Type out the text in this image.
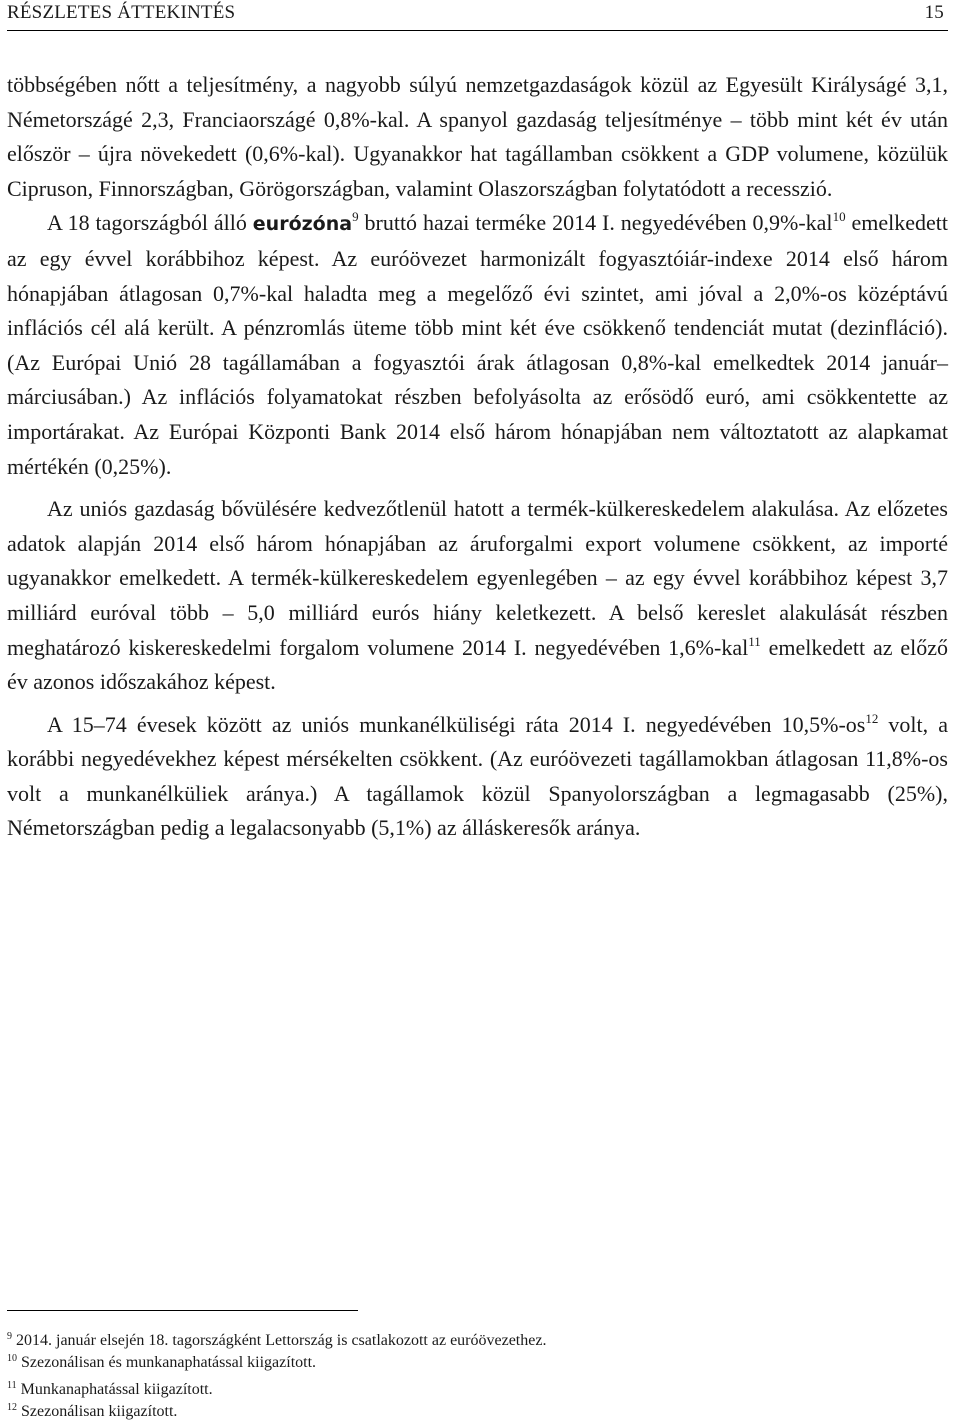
RÉSZLETES ÁTTEKINTÉS	15

többségében nőtt a teljesítmény, a nagyobb súlyú nemzetgazdaságok közül az Egyesült Királyságé 3,1, Németországé 2,3, Franciaországé 0,8%-kal. A spanyol gazdaság teljesítménye – több mint két év után először – újra növekedett (0,6%-kal). Ugyanakkor hat tagállamban csökkent a GDP volumene, közülük Cipruson, Finnországban, Görögországban, valamint Olaszországban folytatódott a recesszió.

A 18 tagországból álló eurózóna$^9$ bruttó hazai terméke 2014 I. negyedévében 0,9%-kal$^{10}$ emelkedett az egy évvel korábbihoz képest. Az euróövezet harmonizált fogyasztóiár-indexe 2014 első három hónapjában átlagosan 0,7%-kal haladta meg a megelőző évi szintet, ami jóval a 2,0%-os középtávú inflációs cél alá került. A pénzromlás üteme több mint két éve csökkenő tendenciát mutat (dezinfláció). (Az Európai Unió 28 tagállamában a fogyasztói árak átlagosan 0,8%-kal emelkedtek 2014 január–márciusában.) Az inflációs folyamatokat részben befolyásolta az erősödő euró, ami csökkentette az importárakat. Az Európai Központi Bank 2014 első három hónapjában nem változtatott az alapkamat mértékén (0,25%).

Az uniós gazdaság bővülésére kedvezőtlenül hatott a termék-külkereskedelem alakulása. Az előzetes adatok alapján 2014 első három hónapjában az áruforgalmi export volumene csökkent, az importé ugyanakkor emelkedett. A termék-külkereskedelem egyenlegében – az egy évvel korábbihoz képest 3,7 milliárd euróval több – 5,0 milliárd eurós hiány keletkezett. A belső kereslet alakulását részben meghatározó kiskereskedelmi forgalom volumene 2014 I. negyedévében 1,6%-kal$^{11}$ emelkedett az előző év azonos időszakához képest.

A 15–74 évesek között az uniós munkanélküliségi ráta 2014 I. negyedévében $10,5\%-os^{12}$ volt, a korábbi negyedévekhez képest mérsékelten csökkent. (Az euróövezeti tagállamokban átlagosan 11,8%-os volt a munkanélküliek aránya.) A tagállamok közül Spanyolországban a legmagasabb (25%), Németországban pedig a legalacsonyabb (5,1%) az álláskeresők aránya.

$^9$ 2014. január elsején 18. tagországként Lettország is csatlakozott az euróövezethez.

$^{10}$ Szezonálisan és munkanaphatással kiigazított.

$^{11}$ Munkanaphatással kiigazított.

$^{12}$ Szezonálisan kiigazított.
